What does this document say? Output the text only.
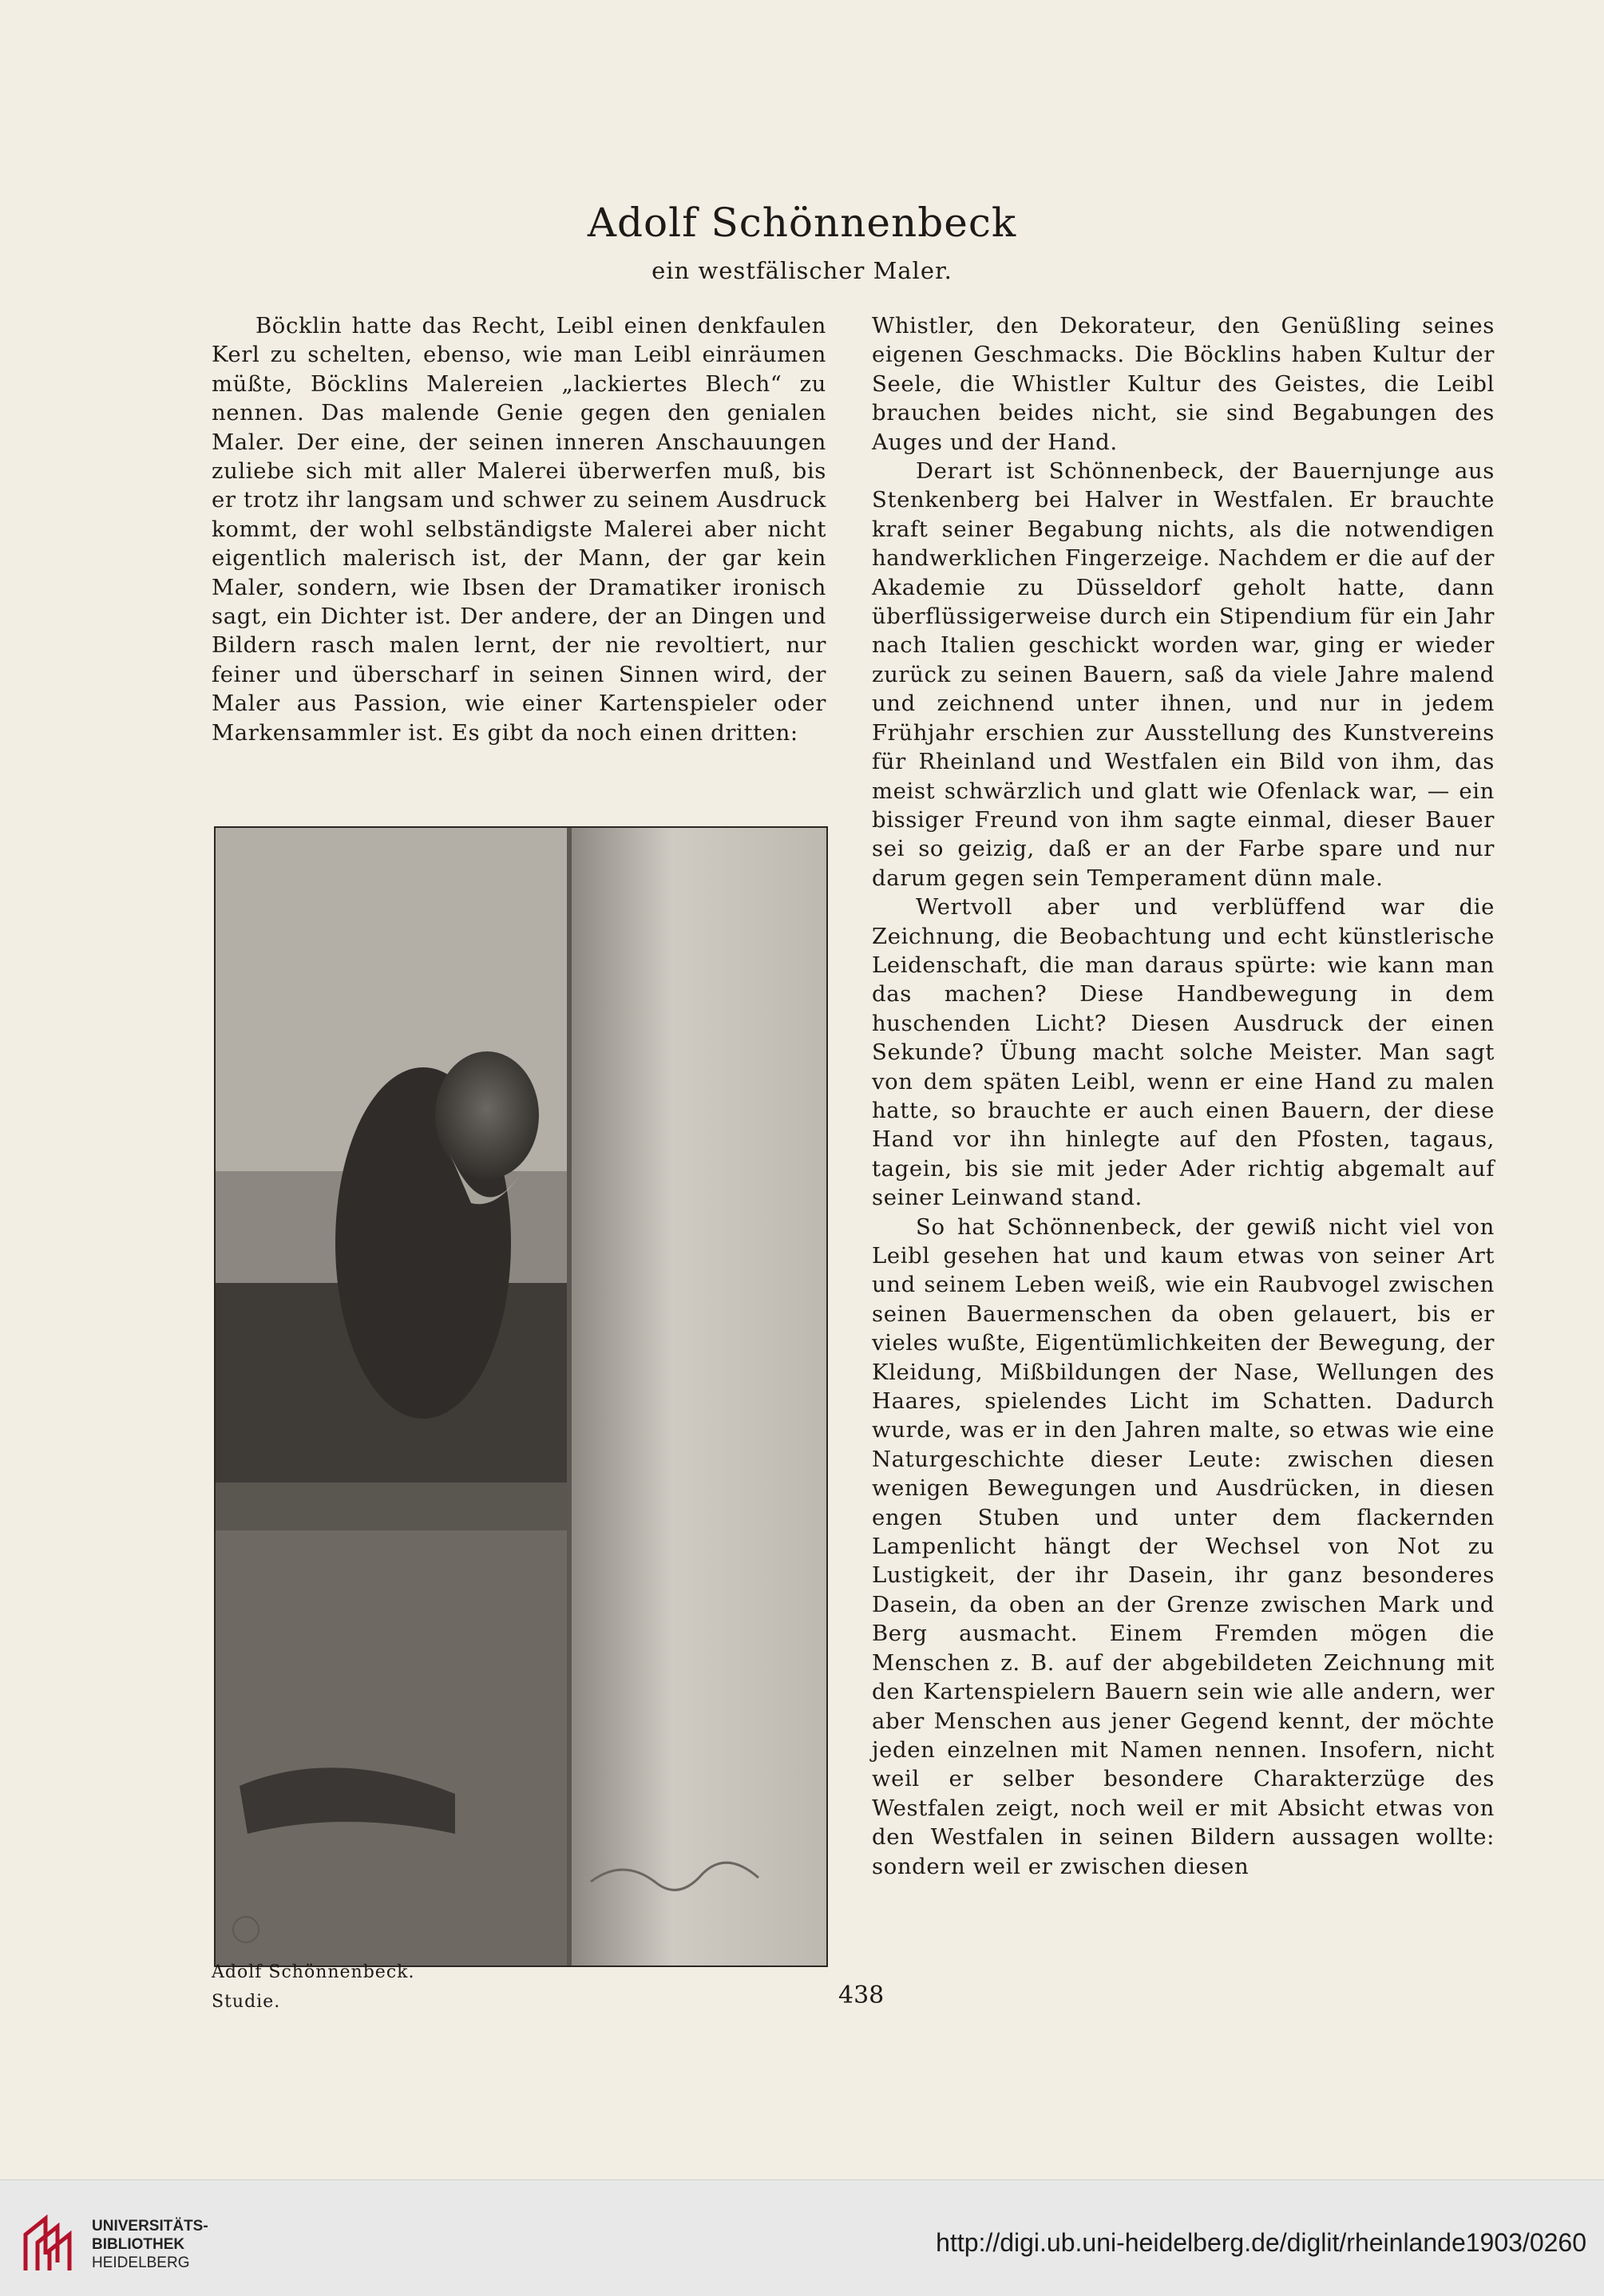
Adolf Schönnenbeck
ein westfälischer Maler.

Böcklin hatte das Recht, Leibl einen denkfaulen Kerl zu schelten, ebenso, wie man Leibl einräumen müßte, Böcklins Malereien „lackiertes Blech“ zu nennen. Das malende Genie gegen den genialen Maler. Der eine, der seinen inneren Anschauungen zuliebe sich mit aller Malerei überwerfen muß, bis er trotz ihr langsam und schwer zu seinem Ausdruck kommt, der wohl selbständigste Malerei aber nicht eigentlich malerisch ist, der Mann, der gar kein Maler, sondern, wie Ibsen der Dramatiker ironisch sagt, ein Dichter ist. Der andere, der an Dingen und Bildern rasch malen lernt, der nie revoltiert, nur feiner und überscharf in seinen Sinnen wird, der Maler aus Passion, wie einer Kartenspieler oder Markensammler ist. Es gibt da noch einen dritten:

Adolf Schönnenbeck.
Studie.

Whistler, den Dekorateur, den Genüßling seines eigenen Geschmacks. Die Böcklins haben Kultur der Seele, die Whistler Kultur des Geistes, die Leibl brauchen beides nicht, sie sind Begabungen des Auges und der Hand.

Derart ist Schönnenbeck, der Bauernjunge aus Stenkenberg bei Halver in Westfalen. Er brauchte kraft seiner Begabung nichts, als die notwendigen handwerklichen Fingerzeige. Nachdem er die auf der Akademie zu Düsseldorf geholt hatte, dann überflüssigerweise durch ein Stipendium für ein Jahr nach Italien geschickt worden war, ging er wieder zurück zu seinen Bauern, saß da viele Jahre malend und zeichnend unter ihnen, und nur in jedem Frühjahr erschien zur Ausstellung des Kunstvereins für Rheinland und Westfalen ein Bild von ihm, das meist schwärzlich und glatt wie Ofenlack war, — ein bissiger Freund von ihm sagte einmal, dieser Bauer sei so geizig, daß er an der Farbe spare und nur darum gegen sein Temperament dünn male.

Wertvoll aber und verblüffend war die Zeichnung, die Beobachtung und echt künstlerische Leidenschaft, die man daraus spürte: wie kann man das machen? Diese Handbewegung in dem huschenden Licht? Diesen Ausdruck der einen Sekunde? Übung macht solche Meister. Man sagt von dem späten Leibl, wenn er eine Hand zu malen hatte, so brauchte er auch einen Bauern, der diese Hand vor ihn hinlegte auf den Pfosten, tagaus, tagein, bis sie mit jeder Ader richtig abgemalt auf seiner Leinwand stand.

So hat Schönnenbeck, der gewiß nicht viel von Leibl gesehen hat und kaum etwas von seiner Art und seinem Leben weiß, wie ein Raubvogel zwischen seinen Bauermenschen da oben gelauert, bis er vieles wußte, Eigentümlichkeiten der Bewegung, der Kleidung, Mißbildungen der Nase, Wellungen des Haares, spielendes Licht im Schatten. Dadurch wurde, was er in den Jahren malte, so etwas wie eine Naturgeschichte dieser Leute: zwischen diesen wenigen Bewegungen und Ausdrücken, in diesen engen Stuben und unter dem flackernden Lampenlicht hängt der Wechsel von Not zu Lustigkeit, der ihr Dasein, ihr ganz besonderes Dasein, da oben an der Grenze zwischen Mark und Berg ausmacht. Einem Fremden mögen die Menschen z. B. auf der abgebildeten Zeichnung mit den Kartenspielern Bauern sein wie alle andern, wer aber Menschen aus jener Gegend kennt, der möchte jeden einzelnen mit Namen nennen. Insofern, nicht weil er selber besondere Charakterzüge des Westfalen zeigt, noch weil er mit Absicht etwas von den Westfalen in seinen Bildern aussagen wollte: sondern weil er zwischen diesen

438
UNIVERSITÄTS-
BIBLIOTHEK
HEIDELBERG
http://digi.ub.uni-heidelberg.de/diglit/rheinlande1903/0260
